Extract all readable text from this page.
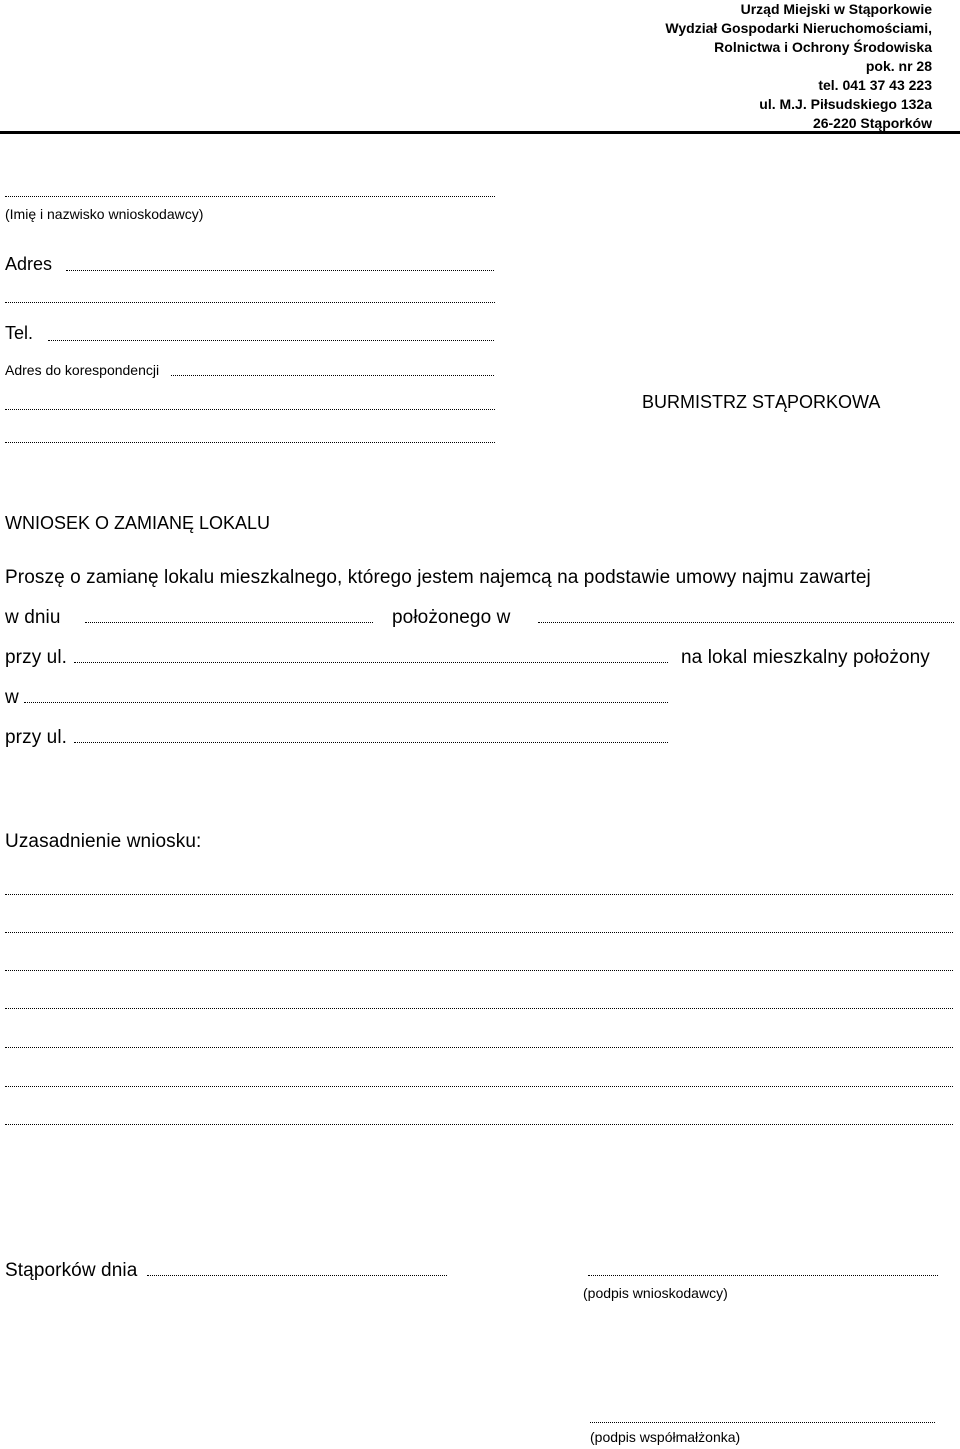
Urząd Miejski w Stąporkowie
Wydział Gospodarki Nieruchomościami,
Rolnictwa i Ochrony Środowiska
pok. nr 28
tel. 041 37 43 223
ul. M.J. Piłsudskiego 132a
26-220 Stąporków
(Imię i nazwisko wnioskodawcy)
Adres
Tel.
Adres do korespondencji
BURMISTRZ STĄPORKOWA
WNIOSEK O ZAMIANĘ LOKALU
Proszę o zamianę lokalu mieszkalnego, którego jestem najemcą na podstawie umowy najmu zawartej
w dniu	położonego w
przy ul.	na lokal mieszkalny położony
w
przy ul.
Uzasadnienie wniosku:
Stąporków dnia
(podpis wnioskodawcy)
(podpis współmałżonka)
